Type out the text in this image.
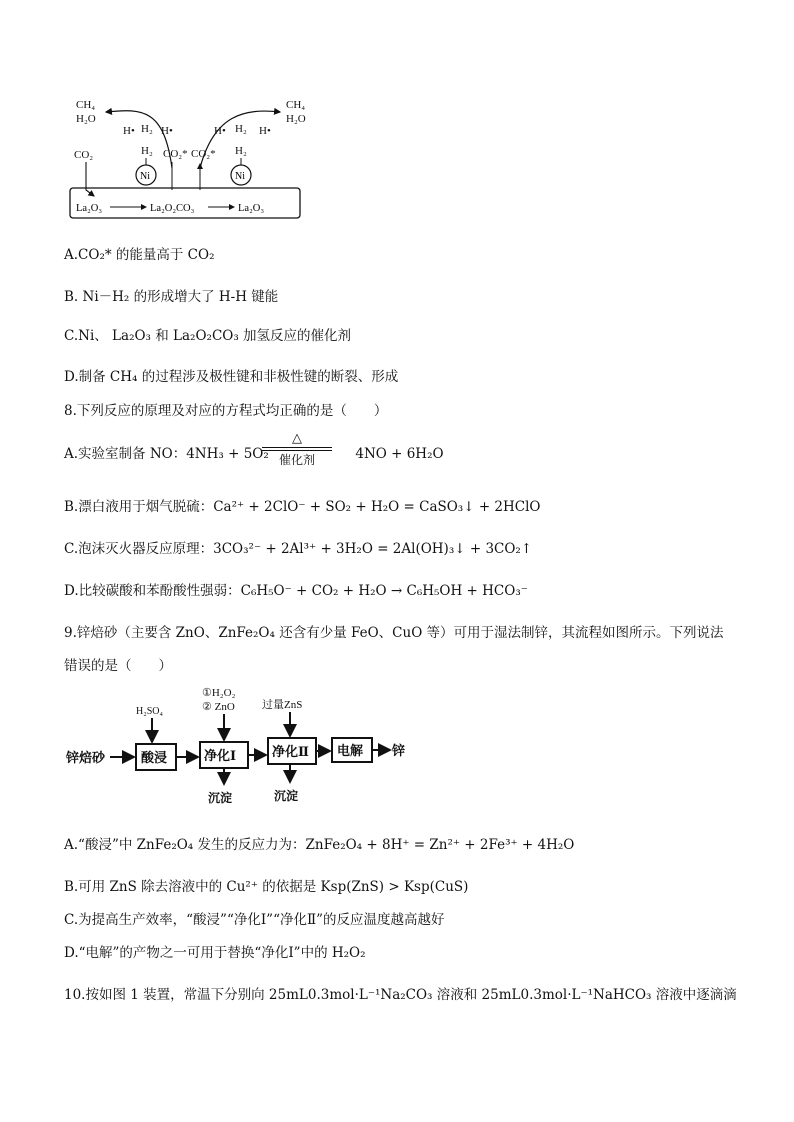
CH₄
H₂O
CH₄
H₂O
CO₂
H• H₂ H•
H₂ CO₂* CO₂*
H• H₂ H•
H₂
Ni	Ni
La₂O₃	La₂O₂CO₃	La₂O₃
A.CO₂* 的能量高于 CO₂
B. Ni－H₂ 的形成增大了 H-H 键能
C.Ni、 La₂O₃ 和 La₂O₂CO₃ 加氢反应的催化剂
D.制备 CH₄ 的过程涉及极性键和非极性键的断裂、形成
8.下列反应的原理及对应的方程式均正确的是（　　）
A.实验室制备 NO：4NH₃ + 5O₂	4NO + 6H₂O
△
催化剂
B.漂白液用于烟气脱硫：Ca²⁺ + 2ClO⁻ + SO₂ + H₂O = CaSO₃↓ + 2HClO
C.泡沫灭火器反应原理：3CO₃²⁻ + 2Al³⁺ + 3H₂O = 2Al(OH)₃↓ + 3CO₂↑
D.比较碳酸和苯酚酸性强弱：C₆H₅O⁻ + CO₂ + H₂O → C₆H₅OH + HCO₃⁻
9.锌焙砂（主要含 ZnO、ZnFe₂O₄ 还含有少量 FeO、CuO 等）可用于湿法制锌，其流程如图所示。下列说法
错误的是（　　）
锌焙砂	酸浸	净化Ⅰ	净化Ⅱ 电解 锌
H₂SO₄
①H₂O₂
② ZnO
沉淀
过量ZnS
沉淀
A.“酸浸”中 ZnFe₂O₄ 发生的反应力为：ZnFe₂O₄ + 8H⁺ = Zn²⁺ + 2Fe³⁺ + 4H₂O
B.可用 ZnS 除去溶液中的 Cu²⁺ 的依据是 Ksp(ZnS) > Ksp(CuS)
C.为提高生产效率，“酸浸”“净化Ⅰ”“净化Ⅱ”的反应温度越高越好
D.“电解”的产物之一可用于替换“净化Ⅰ”中的 H₂O₂
10.按如图 1 装置，常温下分别向 25mL0.3mol·L⁻¹Na₂CO₃ 溶液和 25mL0.3mol·L⁻¹NaHCO₃ 溶液中逐滴滴
